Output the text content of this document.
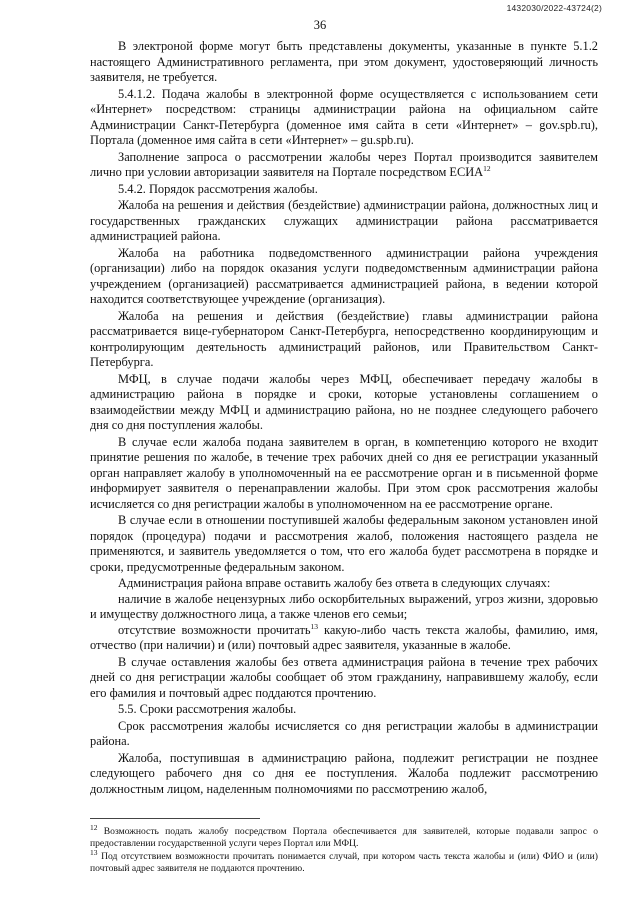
1432030/2022-43724(2)
36

В электроной форме могут быть представлены документы, указанные в пункте 5.1.2 настоящего Административного регламента, при этом документ, удостоверяющий личность заявителя, не требуется.

5.4.1.2. Подача жалобы в электронной форме осуществляется с использованием сети «Интернет» посредством: страницы администрации района на официальном сайте Администрации Санкт-Петербурга (доменное имя сайта в сети «Интернет» – gov.spb.ru), Портала (доменное имя сайта в сети «Интернет» – gu.spb.ru).

Заполнение запроса о рассмотрении жалобы через Портал производится заявителем лично при условии авторизации заявителя на Портале посредством ЕСИА$^{12}$

5.4.2. Порядок рассмотрения жалобы.

Жалоба на решения и действия (бездействие) администрации района, должностных лиц и государственных гражданских служащих администрации района рассматривается администрацией района.

Жалоба на работника подведомственного администрации района учреждения (организации) либо на порядок оказания услуги подведомственным администрации района учреждением (организацией) рассматривается администрацией района, в ведении которой находится соответствующее учреждение (организация).

Жалоба на решения и действия (бездействие) главы администрации района рассматривается вице-губернатором Санкт-Петербурга, непосредственно координирующим и контролирующим деятельность администраций районов, или Правительством Санкт-Петербурга.

МФЦ, в случае подачи жалобы через МФЦ, обеспечивает передачу жалобы в администрацию района в порядке и сроки, которые установлены соглашением о взаимодействии между МФЦ и администрацию района, но не позднее следующего рабочего дня со дня поступления жалобы.

В случае если жалоба подана заявителем в орган, в компетенцию которого не входит принятие решения по жалобе, в течение трех рабочих дней со дня ее регистрации указанный орган направляет жалобу в уполномоченный на ее рассмотрение орган и в письменной форме информирует заявителя о перенаправлении жалобы. При этом срок рассмотрения жалобы исчисляется со дня регистрации жалобы в уполномоченном на ее рассмотрение органе.

В случае если в отношении поступившей жалобы федеральным законом установлен иной порядок (процедура) подачи и рассмотрения жалоб, положения настоящего раздела не применяются, и заявитель уведомляется о том, что его жалоба будет рассмотрена в порядке и сроки, предусмотренные федеральным законом.

Администрация района вправе оставить жалобу без ответа в следующих случаях:

наличие в жалобе нецензурных либо оскорбительных выражений, угроз жизни, здоровью и имуществу должностного лица, а также членов его семьи;

отсутствие возможности прочитать$^{13}$ какую-либо часть текста жалобы, фамилию, имя, отчество (при наличии) и (или) почтовый адрес заявителя, указанные в жалобе.

В случае оставления жалобы без ответа администрация района в течение трех рабочих дней со дня регистрации жалобы сообщает об этом гражданину, направившему жалобу, если его фамилия и почтовый адрес поддаются прочтению.

5.5. Сроки рассмотрения жалобы.

Срок рассмотрения жалобы исчисляется со дня регистрации жалобы в администрации района.

Жалоба, поступившая в администрацию района, подлежит регистрации не позднее следующего рабочего дня со дня ее поступления. Жалоба подлежит рассмотрению должностным лицом, наделенным полномочиями по рассмотрению жалоб,

$^{12}$ Возможность подать жалобу посредством Портала обеспечивается для заявителей, которые подавали запрос о предоставлении государственной услуги через Портал или МФЦ.

$^{13}$ Под отсутствием возможности прочитать понимается случай, при котором часть текста жалобы и (или) ФИО и (или) почтовый адрес заявителя не поддаются прочтению.
